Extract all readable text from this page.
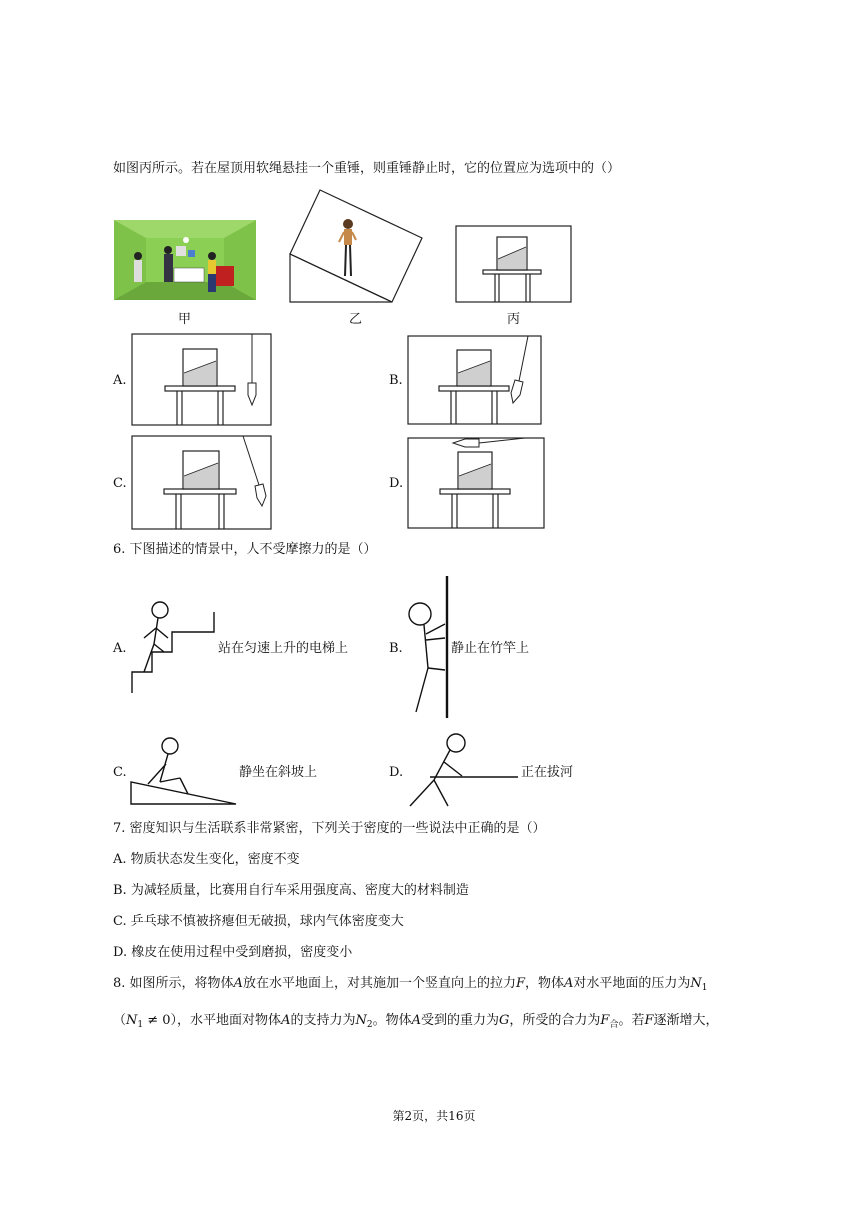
如图丙所示。若在屋顶用软绳悬挂一个重锤，则重锤静止时，它的位置应为选项中的（）
甲	乙	丙
A.	B.
C.	D.
6. 下图描述的情景中，人不受摩擦力的是（）
A.	站在匀速上升的电梯上	B.	静止在竹竿上
C.	静坐在斜坡上	D.	正在拔河
7. 密度知识与生活联系非常紧密，下列关于密度的一些说法中正确的是（）
A. 物质状态发生变化，密度不变
B. 为减轻质量，比赛用自行车采用强度高、密度大的材料制造
C. 乒乓球不慎被挤瘪但无破损，球内气体密度变大
D. 橡皮在使用过程中受到磨损，密度变小
8. 如图所示，将物体A放在水平地面上，对其施加一个竖直向上的拉力F，物体A对水平地面的压力为$N_1$
$(N_1 \ne 0)$，水平地面对物体A的支持力为$N_2$。物体A受到的重力为G，所受的合力为$F_合$。若F逐渐增大，
第2页，共16页
